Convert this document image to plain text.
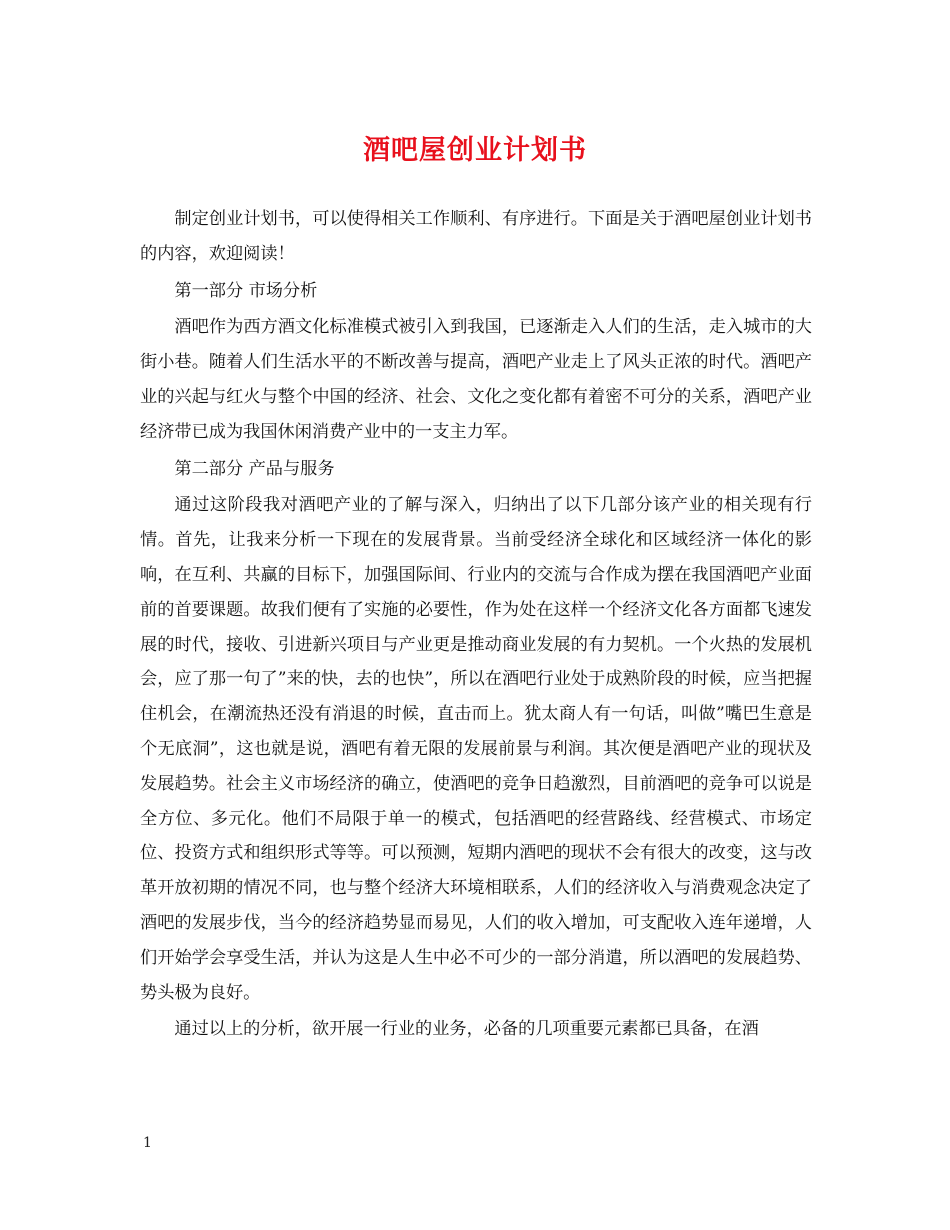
酒吧屋创业计划书

制定创业计划书，可以使得相关工作顺利、有序进行。下面是关于酒吧屋创业计划书的内容，欢迎阅读！

第一部分 市场分析

酒吧作为西方酒文化标准模式被引入到我国，已逐渐走入人们的生活，走入城市的大街小巷。随着人们生活水平的不断改善与提高，酒吧产业走上了风头正浓的时代。酒吧产业的兴起与红火与整个中国的经济、社会、文化之变化都有着密不可分的关系，酒吧产业经济带已成为我国休闲消费产业中的一支主力军。

第二部分 产品与服务

通过这阶段我对酒吧产业的了解与深入，归纳出了以下几部分该产业的相关现有行情。首先，让我来分析一下现在的发展背景。当前受经济全球化和区域经济一体化的影响，在互利、共赢的目标下，加强国际间、行业内的交流与合作成为摆在我国酒吧产业面前的首要课题。故我们便有了实施的必要性，作为处在这样一个经济文化各方面都飞速发展的时代，接收、引进新兴项目与产业更是推动商业发展的有力契机。一个火热的发展机会，应了那一句了”来的快，去的也快”，所以在酒吧行业处于成熟阶段的时候，应当把握住机会，在潮流热还没有消退的时候，直击而上。犹太商人有一句话，叫做”嘴巴生意是个无底洞”，这也就是说，酒吧有着无限的发展前景与利润。其次便是酒吧产业的现状及发展趋势。社会主义市场经济的确立，使酒吧的竞争日趋激烈，目前酒吧的竞争可以说是全方位、多元化。他们不局限于单一的模式，包括酒吧的经营路线、经营模式、市场定位、投资方式和组织形式等等。可以预测，短期内酒吧的现状不会有很大的改变，这与改革开放初期的情况不同，也与整个经济大环境相联系，人们的经济收入与消费观念决定了酒吧的发展步伐，当今的经济趋势显而易见，人们的收入增加，可支配收入连年递增，人们开始学会享受生活，并认为这是人生中必不可少的一部分消遣，所以酒吧的发展趋势、势头极为良好。

通过以上的分析，欲开展一行业的业务，必备的几项重要元素都已具备，在酒

1
